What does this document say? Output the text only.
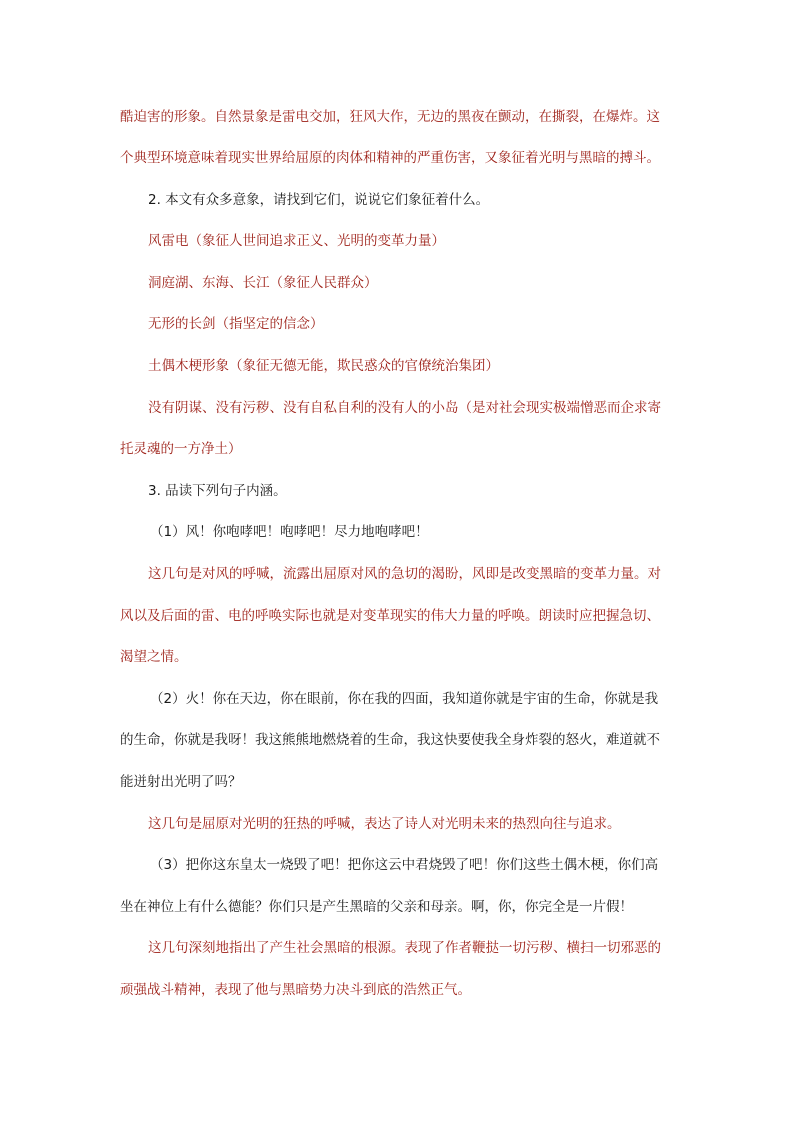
酷迫害的形象。自然景象是雷电交加，狂风大作，无边的黑夜在颤动，在撕裂，在爆炸。这
个典型环境意味着现实世界给屈原的肉体和精神的严重伤害，又象征着光明与黑暗的搏斗。
2. 本文有众多意象，请找到它们，说说它们象征着什么。
风雷电（象征人世间追求正义、光明的变革力量）
洞庭湖、东海、长江（象征人民群众）
无形的长剑（指坚定的信念）
土偶木梗形象（象征无德无能，欺民惑众的官僚统治集团）
没有阴谋、没有污秽、没有自私自利的没有人的小岛（是对社会现实极端憎恶而企求寄
托灵魂的一方净土）
3. 品读下列句子内涵。
（1）风！你咆哮吧！咆哮吧！尽力地咆哮吧！
这几句是对风的呼喊，流露出屈原对风的急切的渴盼，风即是改变黑暗的变革力量。对
风以及后面的雷、电的呼唤实际也就是对变革现实的伟大力量的呼唤。朗读时应把握急切、
渴望之情。
（2）火！你在天边，你在眼前，你在我的四面，我知道你就是宇宙的生命，你就是我
的生命，你就是我呀！我这熊熊地燃烧着的生命，我这快要使我全身炸裂的怒火，难道就不
能迸射出光明了吗？
这几句是屈原对光明的狂热的呼喊，表达了诗人对光明未来的热烈向往与追求。
（3）把你这东皇太一烧毁了吧！把你这云中君烧毁了吧！你们这些土偶木梗，你们高
坐在神位上有什么德能？你们只是产生黑暗的父亲和母亲。啊，你，你完全是一片假！
这几句深刻地指出了产生社会黑暗的根源。表现了作者鞭挞一切污秽、横扫一切邪恶的
顽强战斗精神，表现了他与黑暗势力决斗到底的浩然正气。
